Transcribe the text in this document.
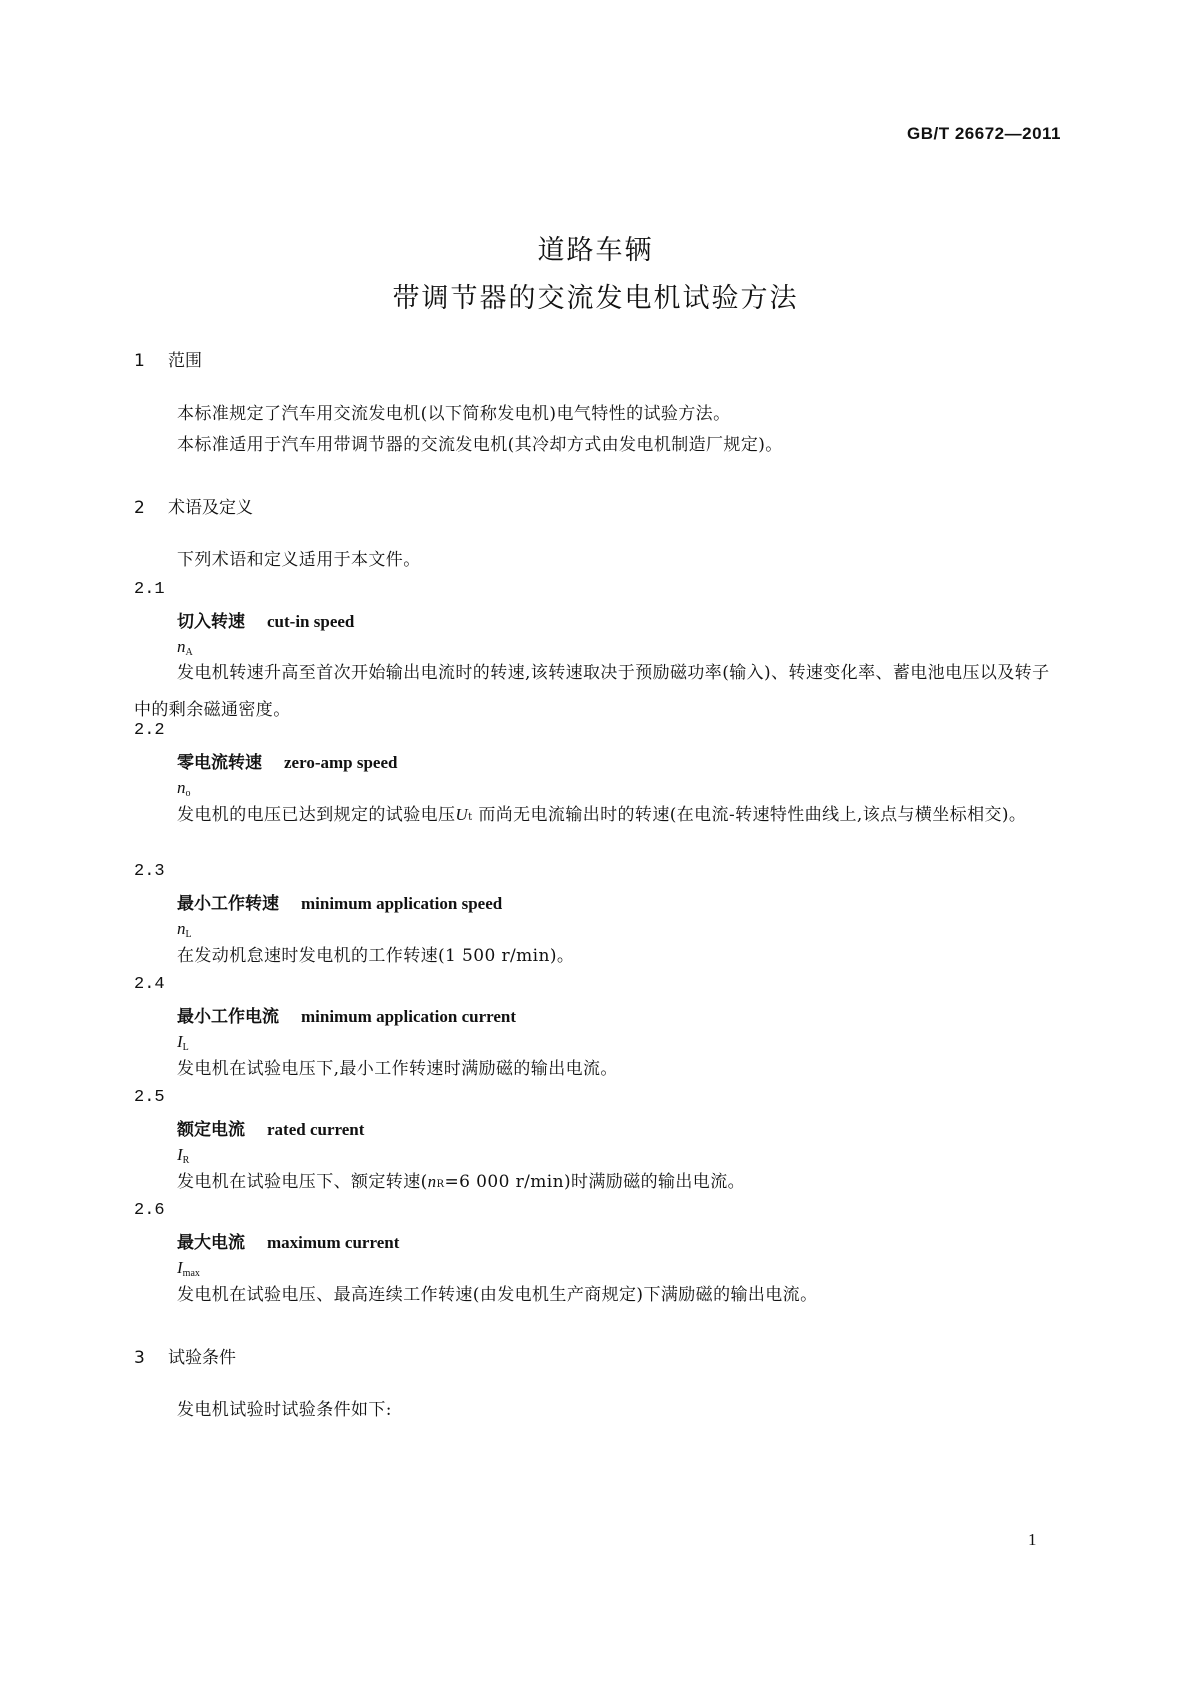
GB/T 26672—2011
道路车辆
带调节器的交流发电机试验方法
1 范围
本标准规定了汽车用交流发电机(以下简称发电机)电气特性的试验方法。
本标准适用于汽车用带调节器的交流发电机(其冷却方式由发电机制造厂规定)。
2 术语及定义
下列术语和定义适用于本文件。
2.1
切入转速 cut-in speed
$n_A$
发电机转速升高至首次开始输出电流时的转速,该转速取决于预励磁功率(输入)、转速变化率、蓄电池电压以及转子中的剩余磁通密度。
2.2
零电流转速 zero-amp speed
$n_o$
发电机的电压已达到规定的试验电压Ut 而尚无电流输出时的转速(在电流-转速特性曲线上,该点与横坐标相交)。
2.3
最小工作转速 minimum application speed
$n_L$
在发动机怠速时发电机的工作转速(1 500 r/min)。
2.4
最小工作电流 minimum application current
$I_L$
发电机在试验电压下,最小工作转速时满励磁的输出电流。
2.5
额定电流 rated current
$I_R$
发电机在试验电压下、额定转速(nR=6 000 r/min)时满励磁的输出电流。
2.6
最大电流 maximum current
$I_{max}$
发电机在试验电压、最高连续工作转速(由发电机生产商规定)下满励磁的输出电流。
3 试验条件
发电机试验时试验条件如下:
1
